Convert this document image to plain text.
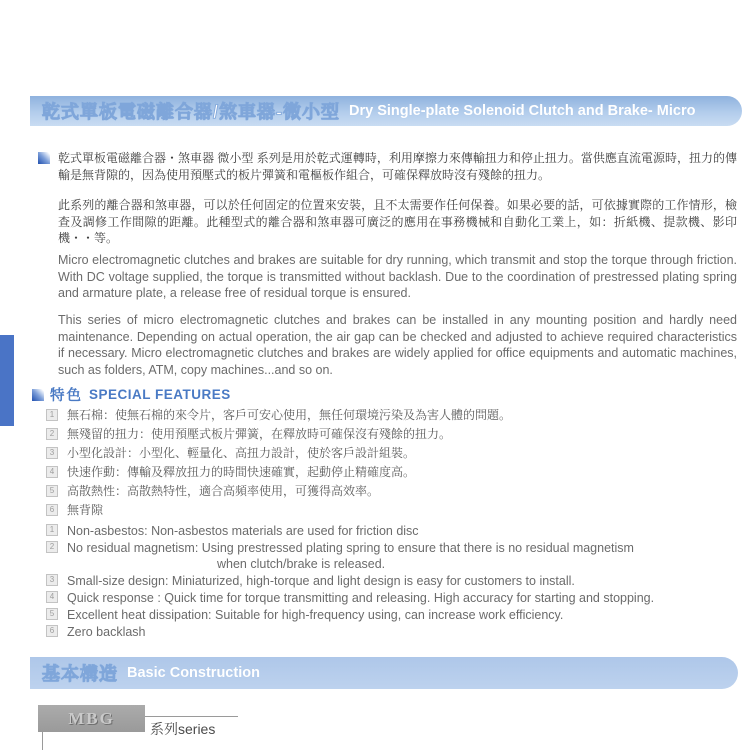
乾式單板電磁離合器/煞車器-微小型 Dry Single-plate Solenoid Clutch and Brake- Micro
乾式單板電磁離合器・煞車器 微小型 系列是用於乾式運轉時，利用摩擦力來傳輸扭力和停止扭力。當供應直流電源時，扭力的傳輸是無背隙的，因為使用預壓式的板片彈簧和電樞板作組合，可確保釋放時沒有殘餘的扭力。
此系列的離合器和煞車器，可以於任何固定的位置來安裝，且不太需要作任何保養。如果必要的話，可依據實際的工作情形，檢查及調修工作間隙的距離。此種型式的離合器和煞車器可廣泛的應用在事務機械和自動化工業上，如：折紙機、提款機、影印機・・等。
Micro electromagnetic clutches and brakes are suitable for dry running, which transmit and stop the torque through friction. With DC voltage supplied, the torque is transmitted without backlash. Due to the coordination of prestressed plating spring and armature plate, a release free of residual torque is ensured.
This series of micro electromagnetic clutches and brakes can be installed in any mounting position and hardly need maintenance. Depending on actual operation, the air gap can be checked and adjusted to achieve required characteristics if necessary. Micro electromagnetic clutches and brakes are widely applied for office equipments and automatic machines, such as folders, ATM, copy machines...and so on.
特色 SPECIAL FEATURES
1	無石棉：使無石棉的來令片，客戶可安心使用，無任何環境污染及為害人體的問題。
2	無殘留的扭力：使用預壓式板片彈簧，在釋放時可確保沒有殘餘的扭力。
3	小型化設計：小型化、輕量化、高扭力設計，使於客戶設計組裝。
4	快速作動：傳輸及釋放扭力的時間快速確實，起動停止精確度高。
5	高散熱性：高散熱特性，適合高頻率使用，可獲得高效率。
6	無背隙
1	Non-asbestos: Non-asbestos materials are used for friction disc
2	No residual magnetism: Using prestressed plating spring to ensure that there is no residual magnetism
when clutch/brake is released.
3	Small-size design: Miniaturized, high-torque and light design is easy for customers to install.
4	Quick response : Quick time for torque transmitting and releasing. High accuracy for starting and stopping.
5	Excellent heat dissipation: Suitable for high-frequency using, can increase work efficiency.
6	Zero backlash
基本構造 Basic Construction
MBG
系列series
